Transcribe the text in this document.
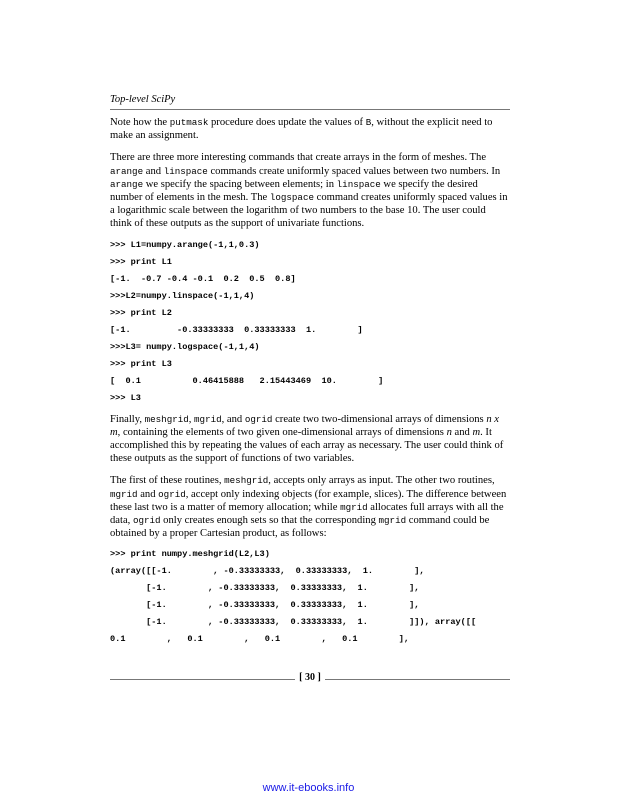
Top-level SciPy

Note how the putmask procedure does update the values of B, without the explicit need to make an assignment.

There are three more interesting commands that create arrays in the form of meshes. The arange and linspace commands create uniformly spaced values between two numbers. In arange we specify the spacing between elements; in linspace we specify the desired number of elements in the mesh. The logspace command creates uniformly spaced values in a logarithmic scale between the logarithm of two numbers to the base 10. The user could think of these outputs as the support of univariate functions.

>>> L1=numpy.arange(-1,1,0.3)
>>> print L1
[-1.  -0.7 -0.4 -0.1  0.2  0.5  0.8]
>>>L2=numpy.linspace(-1,1,4)
>>> print L2
[-1.         -0.33333333  0.33333333  1.        ]
>>>L3= numpy.logspace(-1,1,4)
>>> print L3
[  0.1          0.46415888   2.15443469  10.        ]
>>> L3

Finally, meshgrid, mgrid, and ogrid create two two-dimensional arrays of dimensions n x m, containing the elements of two given one-dimensional arrays of dimensions n and m. It accomplished this by repeating the values of each array as necessary. The user could think of these outputs as the support of functions of two variables.

The first of these routines, meshgrid, accepts only arrays as input. The other two routines, mgrid and ogrid, accept only indexing objects (for example, slices). The difference between these last two is a matter of memory allocation; while mgrid allocates full arrays with all the data, ogrid only creates enough sets so that the corresponding mgrid command could be obtained by a proper Cartesian product, as follows:

>>> print numpy.meshgrid(L2,L3)
(array([[-1.        , -0.33333333,  0.33333333,  1.        ],
[-1.        , -0.33333333,  0.33333333,  1.        ],
[-1.        , -0.33333333,  0.33333333,  1.        ],
[-1.        , -0.33333333,  0.33333333,  1.        ]]), array([[
0.1        ,   0.1        ,   0.1        ,   0.1        ],
[ 30 ]
www.it-ebooks.info
